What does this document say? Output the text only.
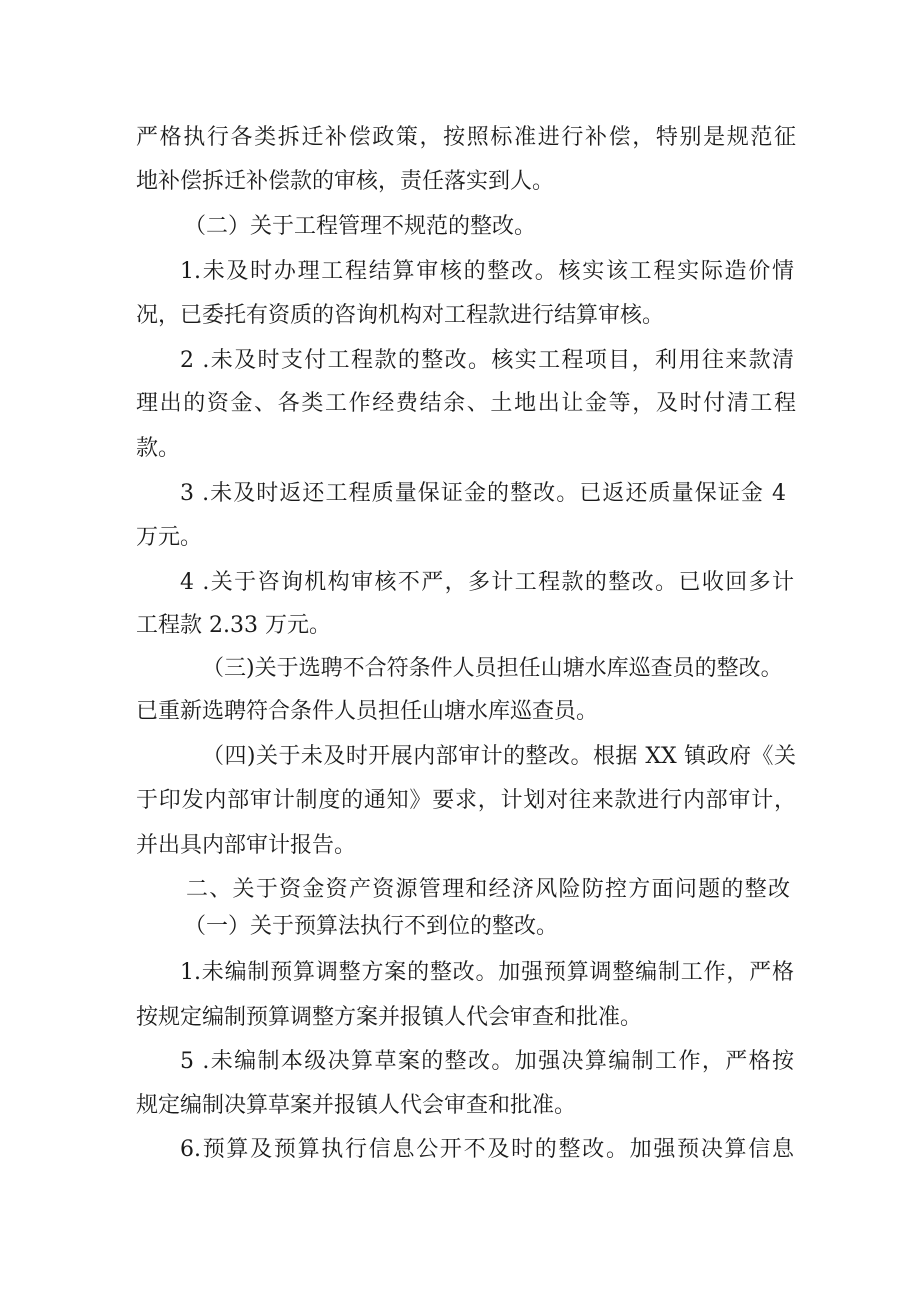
严格执行各类拆迁补偿政策，按照标准进行补偿，特别是规范征
地补偿拆迁补偿款的审核，责任落实到人。
（二）关于工程管理不规范的整改。
1.未及时办理工程结算审核的整改。核实该工程实际造价情
况，已委托有资质的咨询机构对工程款进行结算审核。
2 .未及时支付工程款的整改。核实工程项目，利用往来款清
理出的资金、各类工作经费结余、土地出让金等，及时付清工程
款。
3 .未及时返还工程质量保证金的整改。已返还质量保证金 4
万元。
4 .关于咨询机构审核不严，多计工程款的整改。已收回多计
工程款 2.33 万元。
（三)关于选聘不合符条件人员担任山塘水库巡查员的整改。
已重新选聘符合条件人员担任山塘水库巡查员。
（四)关于未及时开展内部审计的整改。根据 XX 镇政府《关
于印发内部审计制度的通知》要求，计划对往来款进行内部审计，
并出具内部审计报告。
二、关于资金资产资源管理和经济风险防控方面问题的整改
（一）关于预算法执行不到位的整改。
1.未编制预算调整方案的整改。加强预算调整编制工作，严格
按规定编制预算调整方案并报镇人代会审查和批准。
5 .未编制本级决算草案的整改。加强决算编制工作，严格按
规定编制决算草案并报镇人代会审查和批准。
6.预算及预算执行信息公开不及时的整改。加强预决算信息
